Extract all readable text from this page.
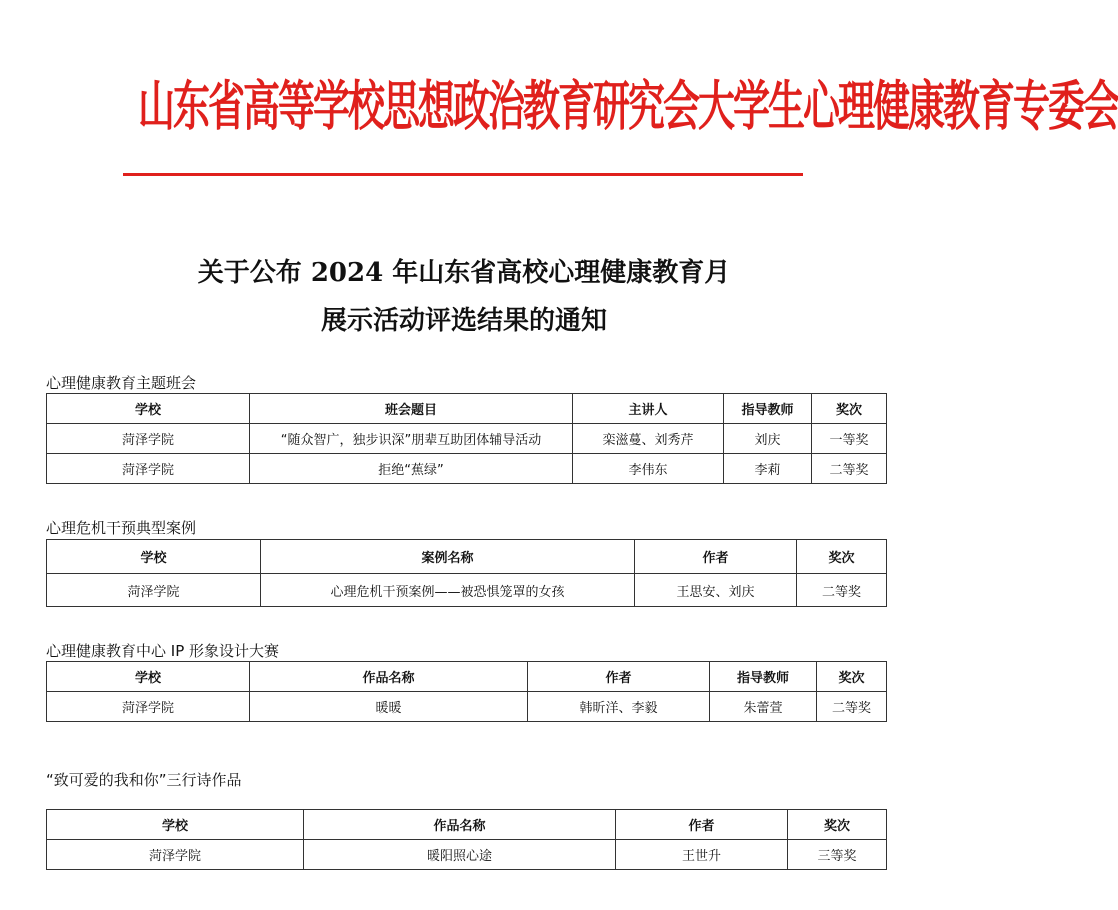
山东省高等学校思想政治教育研究会大学生心理健康教育专委会
关于公布 2024 年山东省高校心理健康教育月
展示活动评选结果的通知
心理健康教育主题班会
学校	班会题目	主讲人	指导教师	奖次
菏泽学院	“随众智广，独步识深”朋辈互助团体辅导活动	栾滋蔓、刘秀芹	刘庆	一等奖
菏泽学院	拒绝“蕉绿”	李伟东	李莉	二等奖
心理危机干预典型案例
学校	案例名称	作者	奖次
菏泽学院	心理危机干预案例——被恐惧笼罩的女孩	王思安、刘庆	二等奖
心理健康教育中心 IP 形象设计大赛
学校	作品名称	作者	指导教师	奖次
菏泽学院	暖暖	韩昕洋、李毅	朱蕾萱	二等奖
“致可爱的我和你”三行诗作品
学校	作品名称	作者	奖次
菏泽学院	暖阳照心途	王世升	三等奖
